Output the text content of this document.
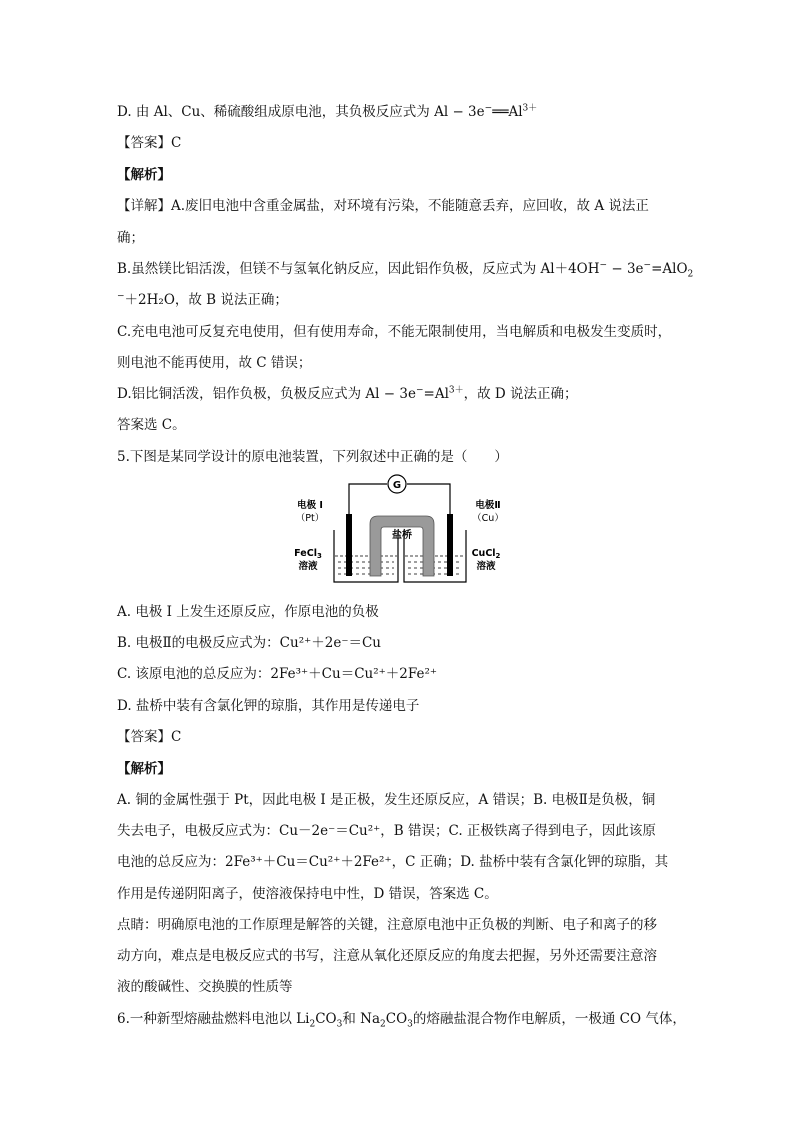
D. 由 Al、Cu、稀硫酸组成原电池，其负极反应式为 $Al - 3e^-══Al^{3+}$
【答案】C
【解析】
【详解】A.废旧电池中含重金属盐，对环境有污染，不能随意丢弃，应回收，故 A 说法正
确；
B.虽然镁比铝活泼，但镁不与氢氧化钠反应，因此铝作负极，反应式为 Al＋4OH− − 3e−=AlO$_2$
−＋2H₂O，故 B 说法正确；
C.充电电池可反复充电使用，但有使用寿命，不能无限制使用，当电解质和电极发生变质时，
则电池不能再使用，故 C 错误；
D.铝比铜活泼，铝作负极，负极反应式为 $Al - 3e^-=Al^{3+}$，故 D 说法正确；
答案选 C。
5.下图是某同学设计的原电池装置，下列叙述中正确的是（　　）
G
盐桥
电极 I
（Pt）
电极Ⅱ
（Cu）
FeCl$_3$
溶液
CuCl$_2$
溶液
A. 电极 I 上发生还原反应，作原电池的负极
B. 电极Ⅱ的电极反应式为：Cu²⁺＋2e⁻＝Cu
C. 该原电池的总反应为：2Fe³⁺＋Cu＝Cu²⁺＋2Fe²⁺
D. 盐桥中装有含氯化钾的琼脂，其作用是传递电子
【答案】C
【解析】
A. 铜的金属性强于 Pt，因此电极 I 是正极，发生还原反应，A 错误；B. 电极Ⅱ是负极，铜
失去电子，电极反应式为：Cu－2e⁻＝Cu²⁺，B 错误；C. 正极铁离子得到电子，因此该原
电池的总反应为：2Fe³⁺＋Cu＝Cu²⁺＋2Fe²⁺，C 正确；D. 盐桥中装有含氯化钾的琼脂，其
作用是传递阴阳离子，使溶液保持电中性，D 错误，答案选 C。
点睛：明确原电池的工作原理是解答的关键，注意原电池中正负极的判断、电子和离子的移
动方向，难点是电极反应式的书写，注意从氧化还原反应的角度去把握，另外还需要注意溶
液的酸碱性、交换膜的性质等
6.一种新型熔融盐燃料电池以 $Li_2CO_3$和 $Na_2CO_3$的熔融盐混合物作电解质，一极通 CO 气体，
